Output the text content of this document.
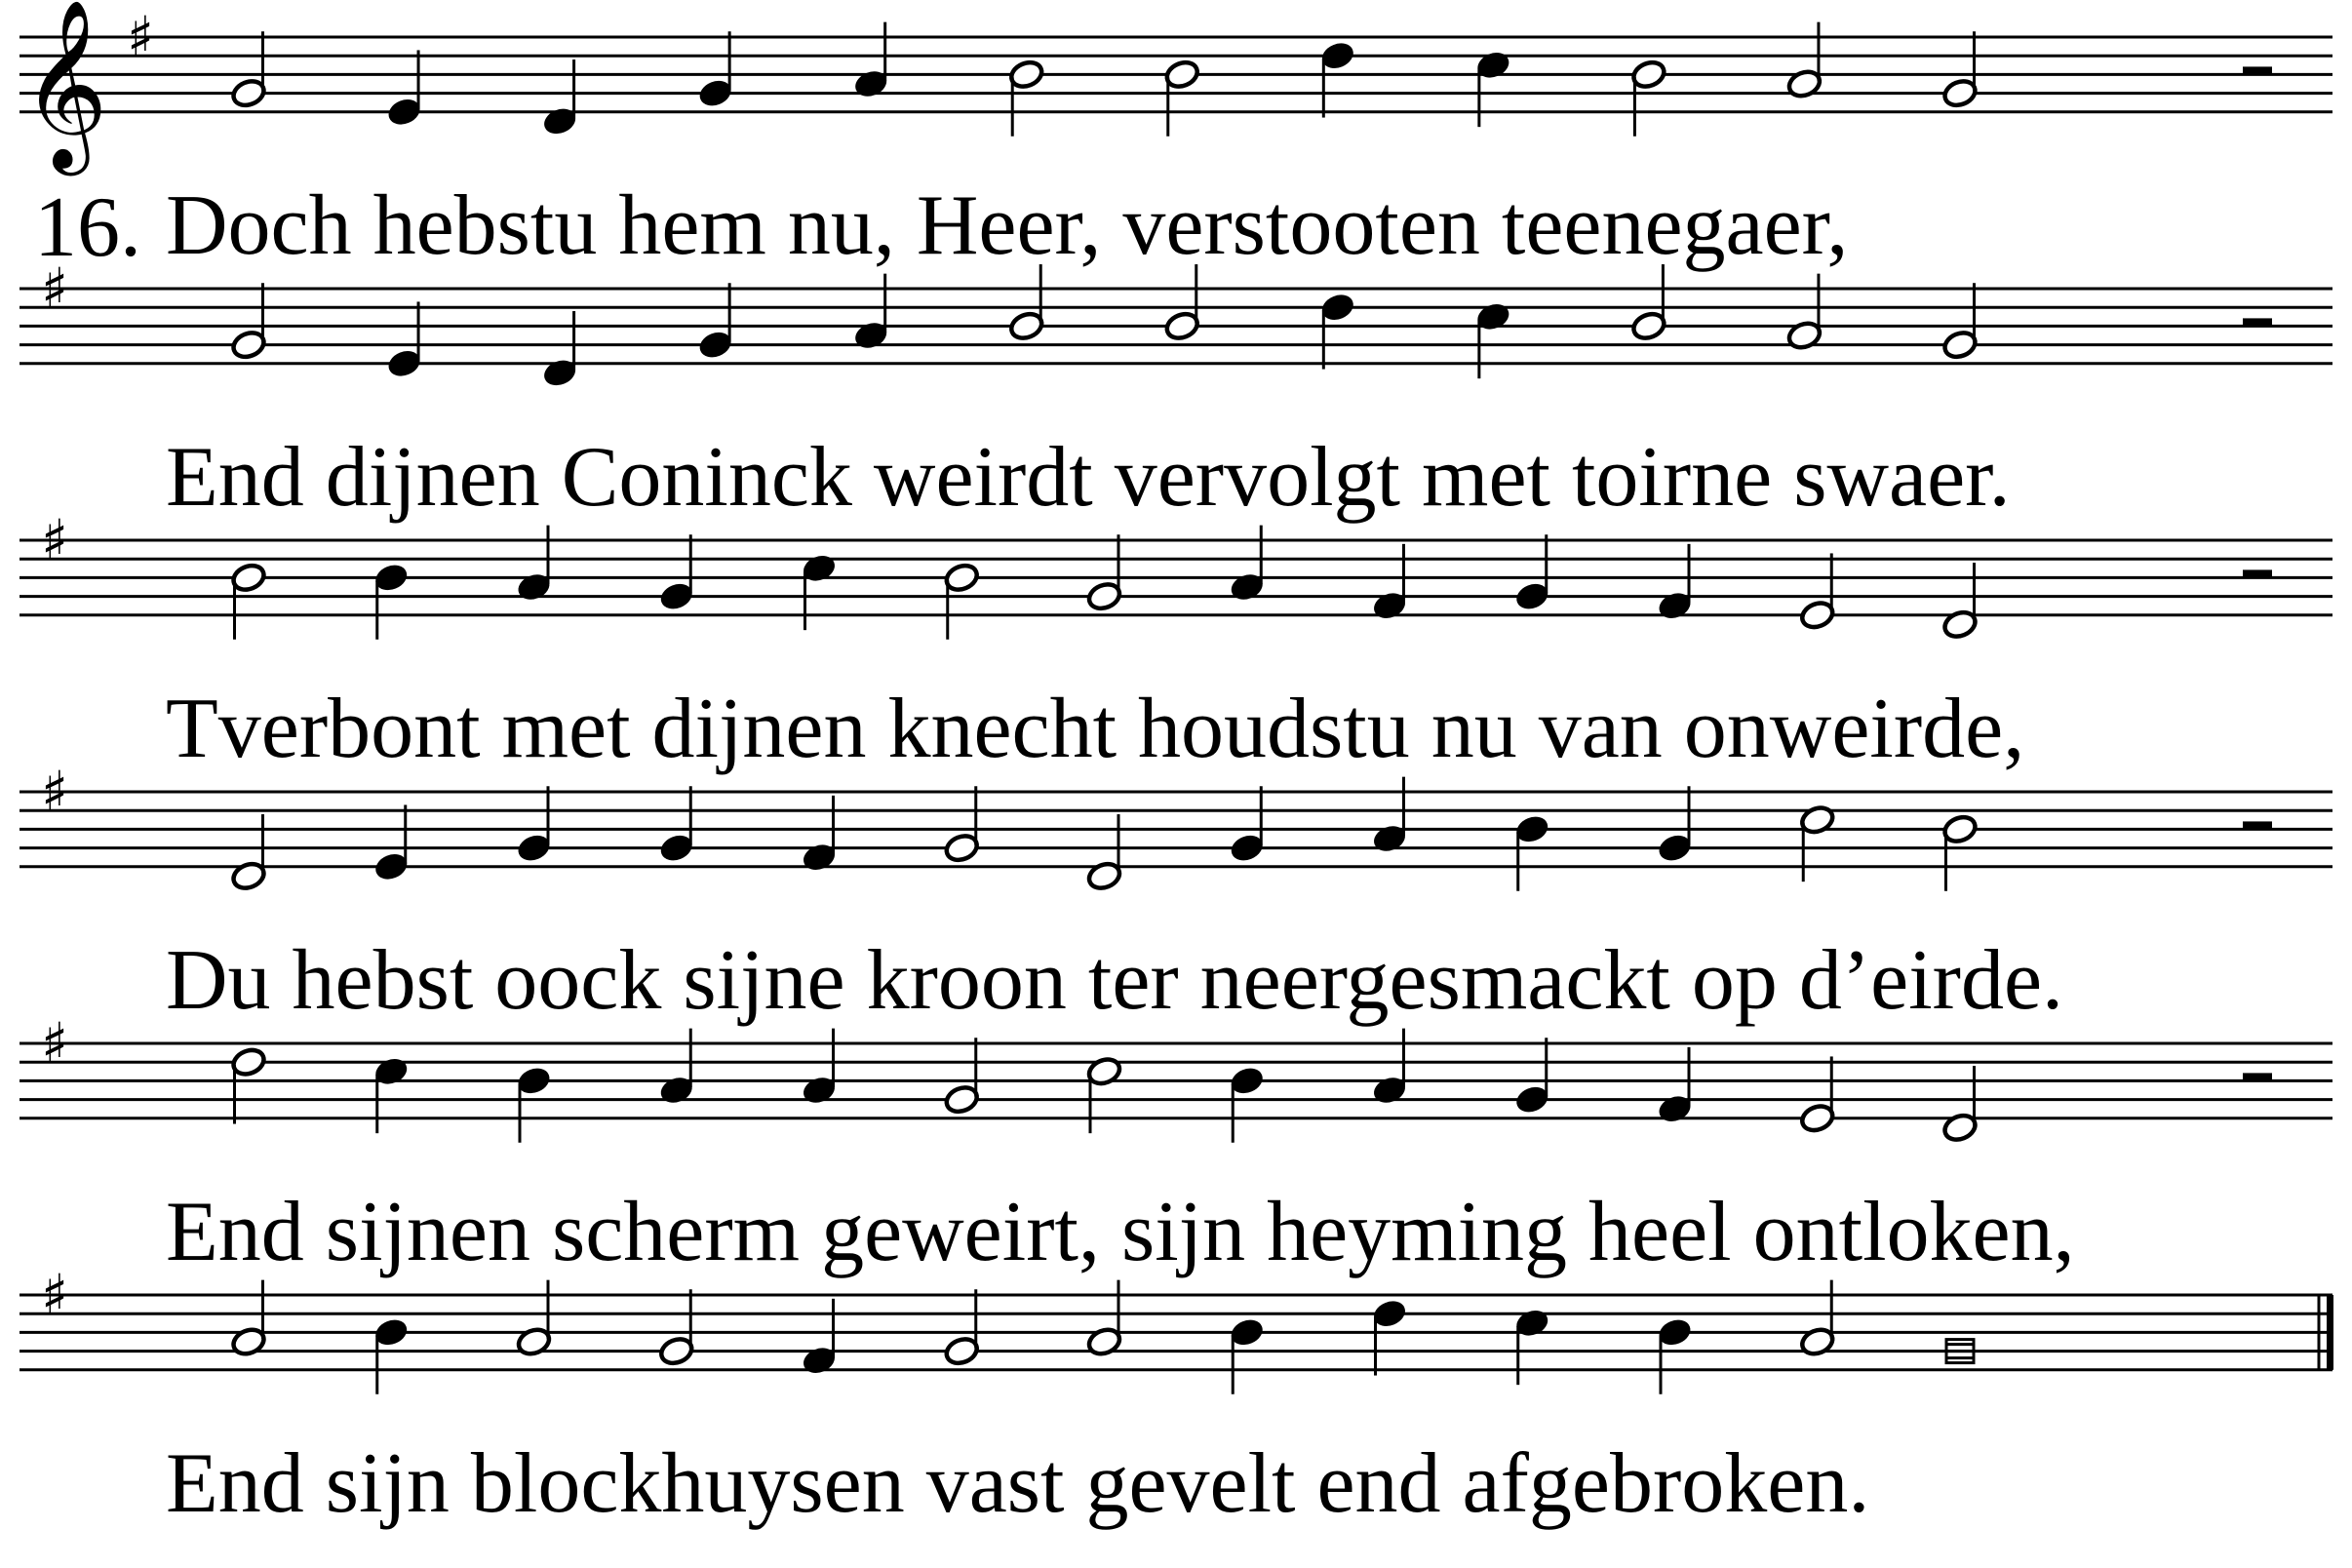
𝄞 ♯
Doch hebstu hem nu, Heer, verstooten teenegaer,
♯
End dijnen Coninck weirdt vervolgt met toirne swaer.
♯
Tverbont met dijnen knecht houdstu nu van onweirde,
♯
Du hebst oock sijne kroon ter neergesmackt op d’eirde.
♯
End sijnen scherm geweirt, sijn heyming heel ontloken,
♯
End sijn blockhuysen vast gevelt end afgebroken.
16.
